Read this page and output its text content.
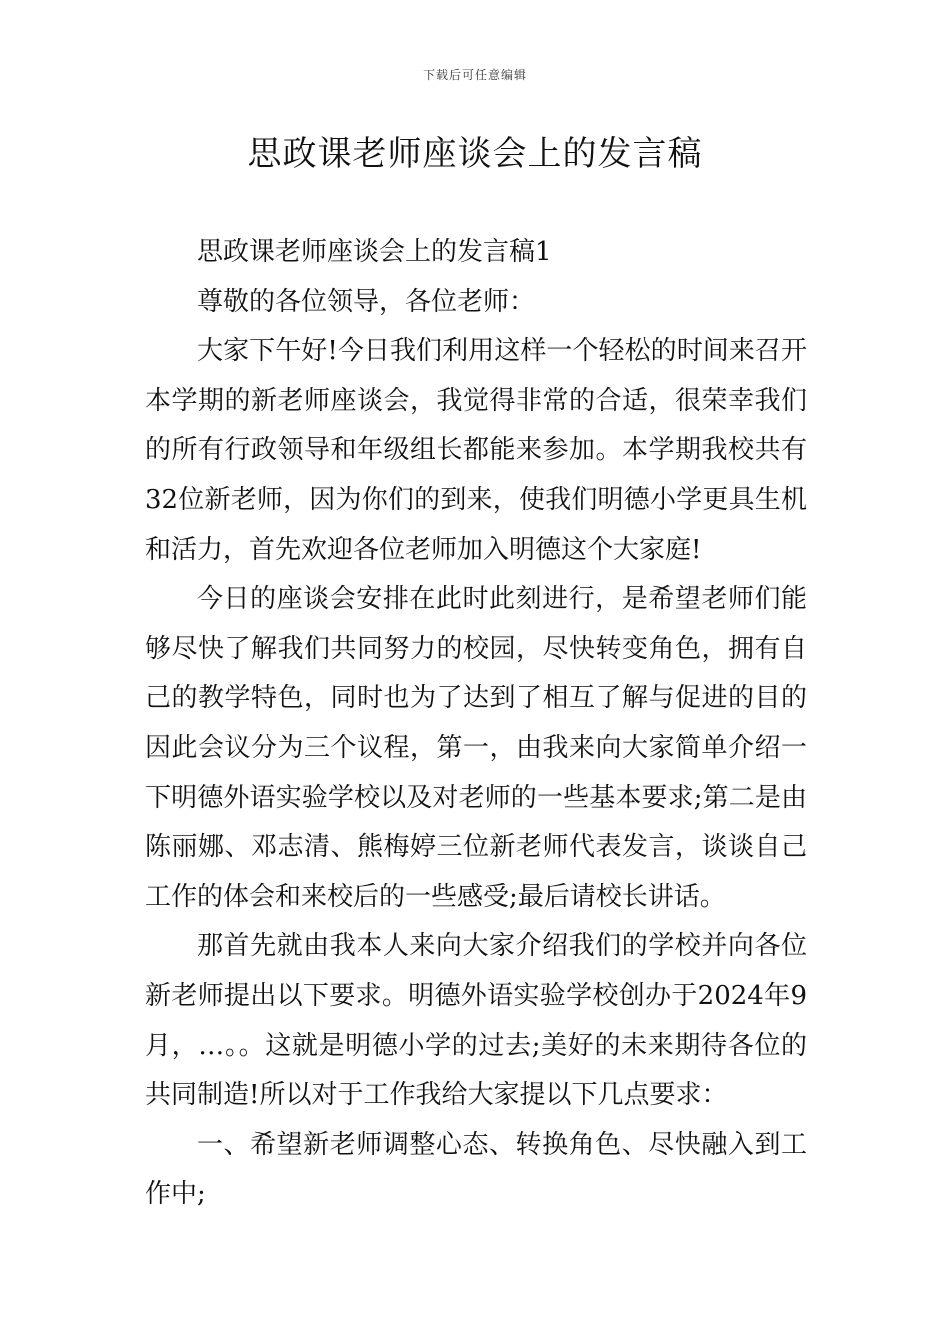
下载后可任意编辑
思政课老师座谈会上的发言稿

思政课老师座谈会上的发言稿1

尊敬的各位领导，各位老师：

大家下午好!今日我们利用这样一个轻松的时间来召开本学期的新老师座谈会，我觉得非常的合适，很荣幸我们的所有行政领导和年级组长都能来参加。本学期我校共有32位新老师，因为你们的到来，使我们明德小学更具生机和活力，首先欢迎各位老师加入明德这个大家庭!

今日的座谈会安排在此时此刻进行，是希望老师们能够尽快了解我们共同努力的校园，尽快转变角色，拥有自己的教学特色，同时也为了达到了相互了解与促进的目的因此会议分为三个议程，第一，由我来向大家简单介绍一下明德外语实验学校以及对老师的一些基本要求;第二是由陈丽娜、邓志清、熊梅婷三位新老师代表发言，谈谈自己工作的体会和来校后的一些感受;最后请校长讲话。

那首先就由我本人来向大家介绍我们的学校并向各位新老师提出以下要求。明德外语实验学校创办于2024年9月，…。。这就是明德小学的过去;美好的未来期待各位的共同制造!所以对于工作我给大家提以下几点要求：

一、希望新老师调整心态、转换角色、尽快融入到工作中;
